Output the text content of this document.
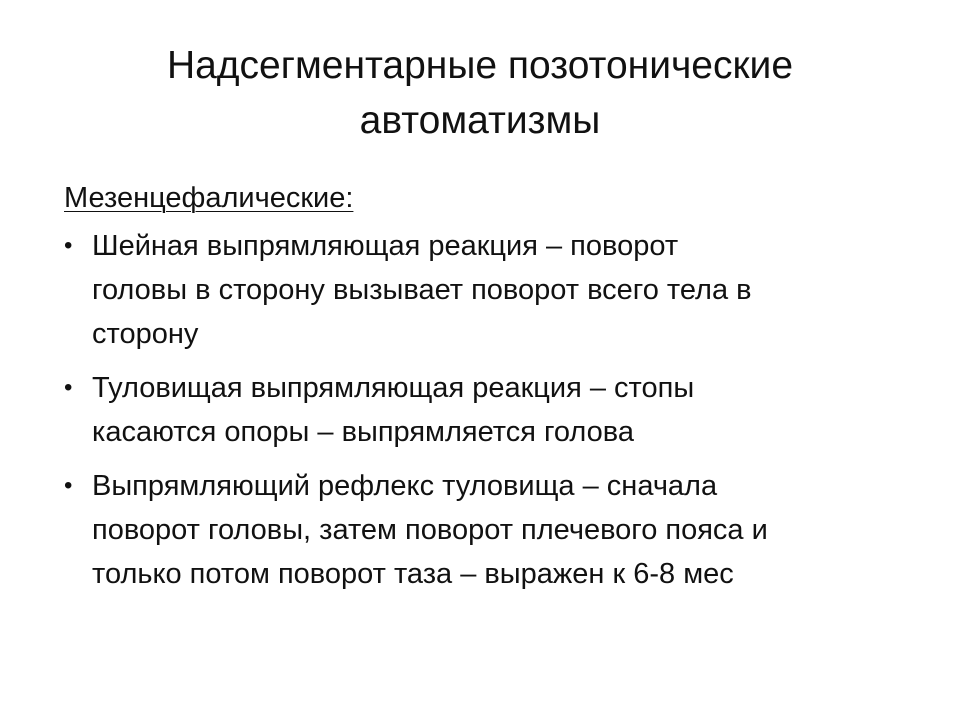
Надсегментарные позотонические
автоматизмы

Мезенцефалические:

• Шейная выпрямляющая реакция – поворот
головы в сторону вызывает поворот всего тела в
сторону
• Туловищая выпрямляющая реакция – стопы
касаются опоры – выпрямляется голова
• Выпрямляющий рефлекс туловища – сначала
поворот головы, затем поворот плечевого пояса и
только потом поворот таза – выражен к 6-8 мес
